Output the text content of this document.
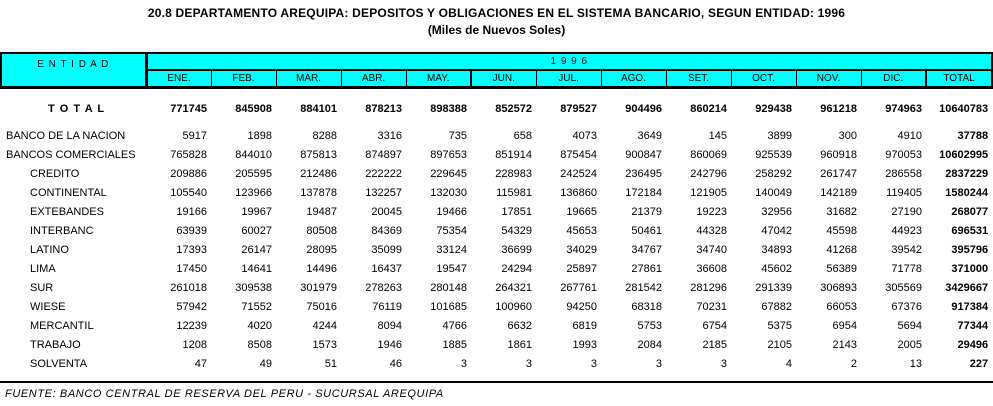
20.8 DEPARTAMENTO AREQUIPA: DEPOSITOS Y OBLIGACIONES EN EL SISTEMA BANCARIO, SEGUN ENTIDAD: 1996
(Miles de Nuevos Soles)
E N T I D A D	1 9 9 6												
	ENE.	FEB.	MAR.	ABR.	MAY.	JUN.	JUL.	AGO.	SET.	OCT.	NOV.	DIC.	TOTAL
T O T A L	771745	845908	884101	878213	898388	852572	879527	904496	860214	929438	961218	974963	10640783
BANCO DE LA NACION	5917	1898	8288	3316	735	658	4073	3649	145	3899	300	4910	37788
BANCOS COMERCIALES	765828	844010	875813	874897	897653	851914	875454	900847	860069	925539	960918	970053	10602995
CREDITO	209886	205595	212486	222222	229645	228983	242524	236495	242796	258292	261747	286558	2837229
CONTINENTAL	105540	123966	137878	132257	132030	115981	136860	172184	121905	140049	142189	119405	1580244
EXTEBANDES	19166	19967	19487	20045	19466	17851	19665	21379	19223	32956	31682	27190	268077
INTERBANC	63939	60027	80508	84369	75354	54329	45653	50461	44328	47042	45598	44923	696531
LATINO	17393	26147	28095	35099	33124	36699	34029	34767	34740	34893	41268	39542	395796
LIMA	17450	14641	14496	16437	19547	24294	25897	27861	36608	45602	56389	71778	371000
SUR	261018	309538	301979	278263	280148	264321	267761	281542	281296	291339	306893	305569	3429667
WIESE	57942	71552	75016	76119	101685	100960	94250	68318	70231	67882	66053	67376	917384
MERCANTIL	12239	4020	4244	8094	4766	6632	6819	5753	6754	5375	6954	5694	77344
TRABAJO	1208	8508	1573	1946	1885	1861	1993	2084	2185	2105	2143	2005	29496
SOLVENTA	47	49	51	46	3	3	3	3	3	4	2	13	227
FUENTE: BANCO CENTRAL DE RESERVA DEL PERU - SUCURSAL AREQUIPA
